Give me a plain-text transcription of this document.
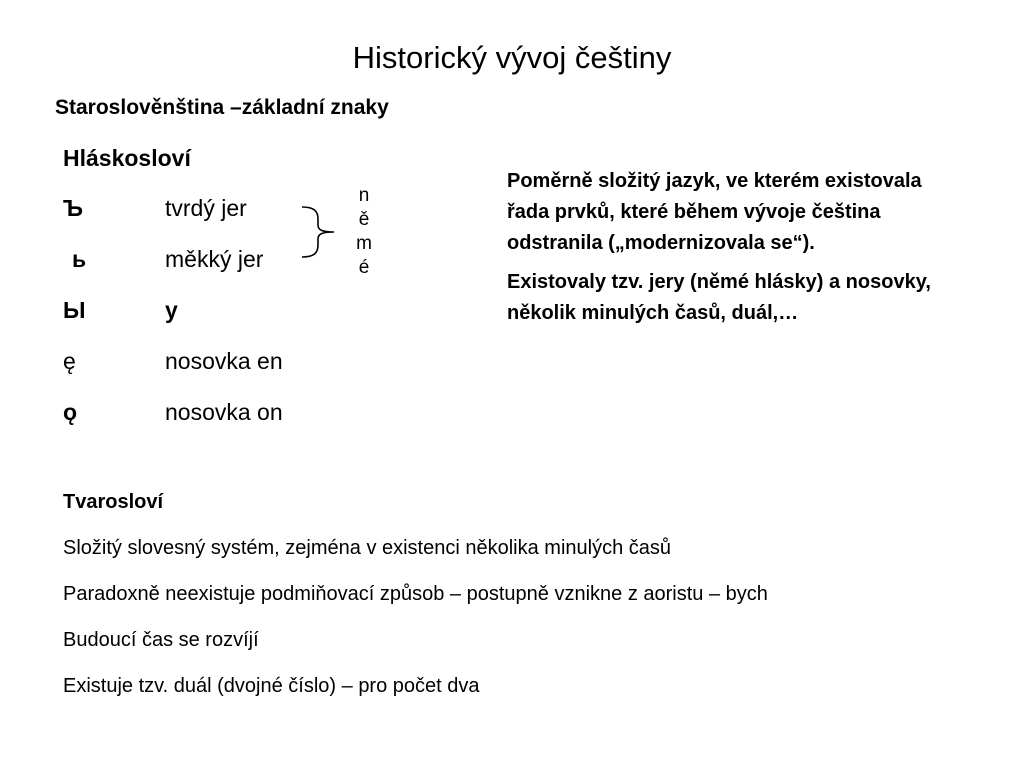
Historický vývoj češtiny
Staroslověnština –základní znaky
Hláskosloví
Ъ	tvrdý jer
ь	měkký jer
Ы	y
ę	nosovka en
ǫ	nosovka on
n
ě
m
é

Poměrně složitý jazyk, ve kterém existovala řada prvků, které během vývoje čeština odstranila („modernizovala se“).

Existovaly tzv. jery (němé hlásky) a nosovky, několik minulých časů, duál,…

Tvarosloví
Složitý slovesný systém, zejména v existenci několika minulých časů
Paradoxně neexistuje podmiňovací způsob – postupně vznikne z aoristu – bych
Budoucí čas se rozvíjí
Existuje tzv. duál (dvojné číslo) – pro počet dva
